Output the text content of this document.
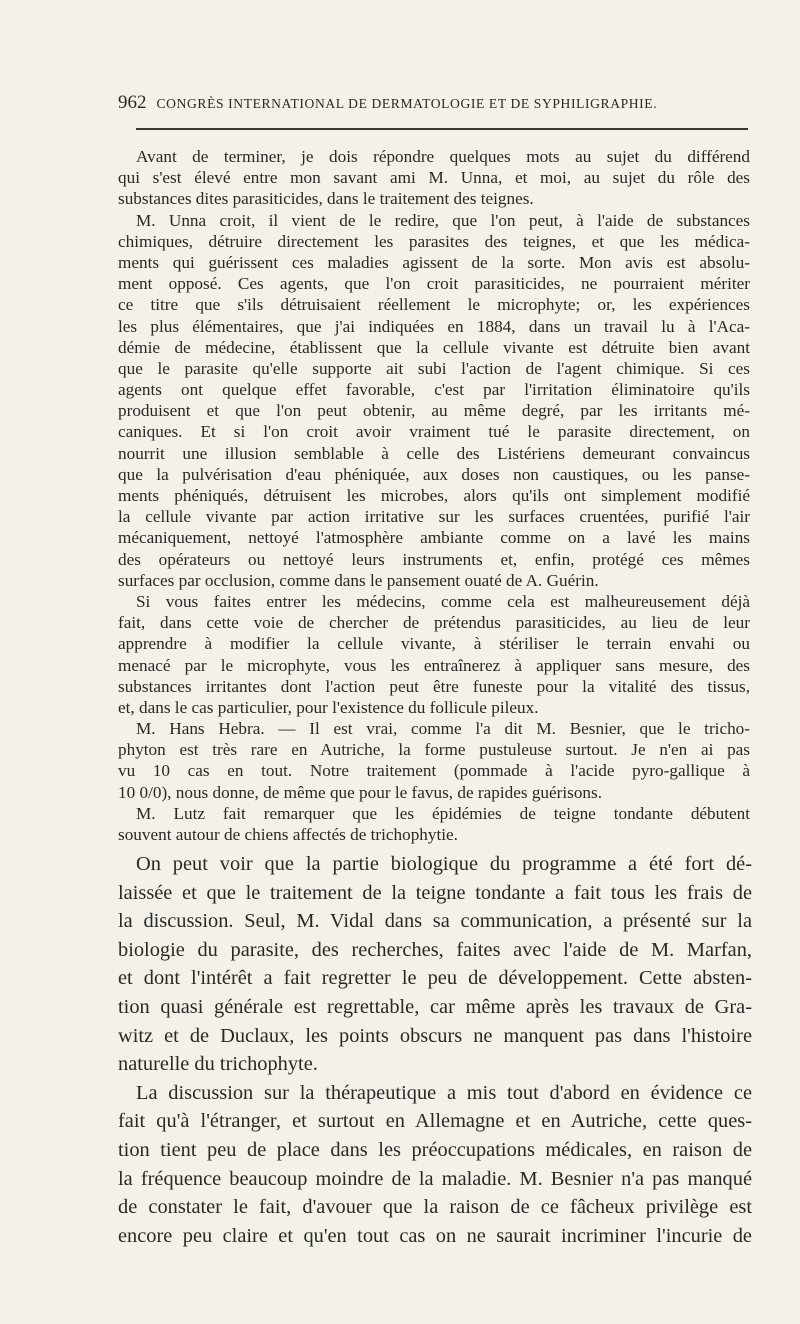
962 CONGRÈS INTERNATIONAL DE DERMATOLOGIE ET DE SYPHILIGRAPHIE.
Avant de terminer, je dois répondre quelques mots au sujet du différend
qui s'est élevé entre mon savant ami M. Unna, et moi, au sujet du rôle des
substances dites parasiticides, dans le traitement des teignes.
M. Unna croit, il vient de le redire, que l'on peut, à l'aide de substances
chimiques, détruire directement les parasites des teignes, et que les médica-
ments qui guérissent ces maladies agissent de la sorte. Mon avis est absolu-
ment opposé. Ces agents, que l'on croit parasiticides, ne pourraient mériter
ce titre que s'ils détruisaient réellement le microphyte; or, les expériences
les plus élémentaires, que j'ai indiquées en 1884, dans un travail lu à l'Aca-
démie de médecine, établissent que la cellule vivante est détruite bien avant
que le parasite qu'elle supporte ait subi l'action de l'agent chimique. Si ces
agents ont quelque effet favorable, c'est par l'irritation éliminatoire qu'ils
produisent et que l'on peut obtenir, au même degré, par les irritants mé-
caniques. Et si l'on croit avoir vraiment tué le parasite directement, on
nourrit une illusion semblable à celle des Listériens demeurant convaincus
que la pulvérisation d'eau phéniquée, aux doses non caustiques, ou les panse-
ments phéniqués, détruisent les microbes, alors qu'ils ont simplement modifié
la cellule vivante par action irritative sur les surfaces cruentées, purifié l'air
mécaniquement, nettoyé l'atmosphère ambiante comme on a lavé les mains
des opérateurs ou nettoyé leurs instruments et, enfin, protégé ces mêmes
surfaces par occlusion, comme dans le pansement ouaté de A. Guérin.
Si vous faites entrer les médecins, comme cela est malheureusement déjà
fait, dans cette voie de chercher de prétendus parasiticides, au lieu de leur
apprendre à modifier la cellule vivante, à stériliser le terrain envahi ou
menacé par le microphyte, vous les entraînerez à appliquer sans mesure, des
substances irritantes dont l'action peut être funeste pour la vitalité des tissus,
et, dans le cas particulier, pour l'existence du follicule pileux.
M. Hans Hebra. — Il est vrai, comme l'a dit M. Besnier, que le tricho-
phyton est très rare en Autriche, la forme pustuleuse surtout. Je n'en ai pas
vu 10 cas en tout. Notre traitement (pommade à l'acide pyro-gallique à
10 0/0), nous donne, de même que pour le favus, de rapides guérisons.
M. Lutz fait remarquer que les épidémies de teigne tondante débutent
souvent autour de chiens affectés de trichophytie.
On peut voir que la partie biologique du programme a été fort dé-
laissée et que le traitement de la teigne tondante a fait tous les frais de
la discussion. Seul, M. Vidal dans sa communication, a présenté sur la
biologie du parasite, des recherches, faites avec l'aide de M. Marfan,
et dont l'intérêt a fait regretter le peu de développement. Cette absten-
tion quasi générale est regrettable, car même après les travaux de Gra-
witz et de Duclaux, les points obscurs ne manquent pas dans l'histoire
naturelle du trichophyte.
La discussion sur la thérapeutique a mis tout d'abord en évidence ce
fait qu'à l'étranger, et surtout en Allemagne et en Autriche, cette ques-
tion tient peu de place dans les préoccupations médicales, en raison de
la fréquence beaucoup moindre de la maladie. M. Besnier n'a pas manqué
de constater le fait, d'avouer que la raison de ce fâcheux privilège est
encore peu claire et qu'en tout cas on ne saurait incriminer l'incurie de
